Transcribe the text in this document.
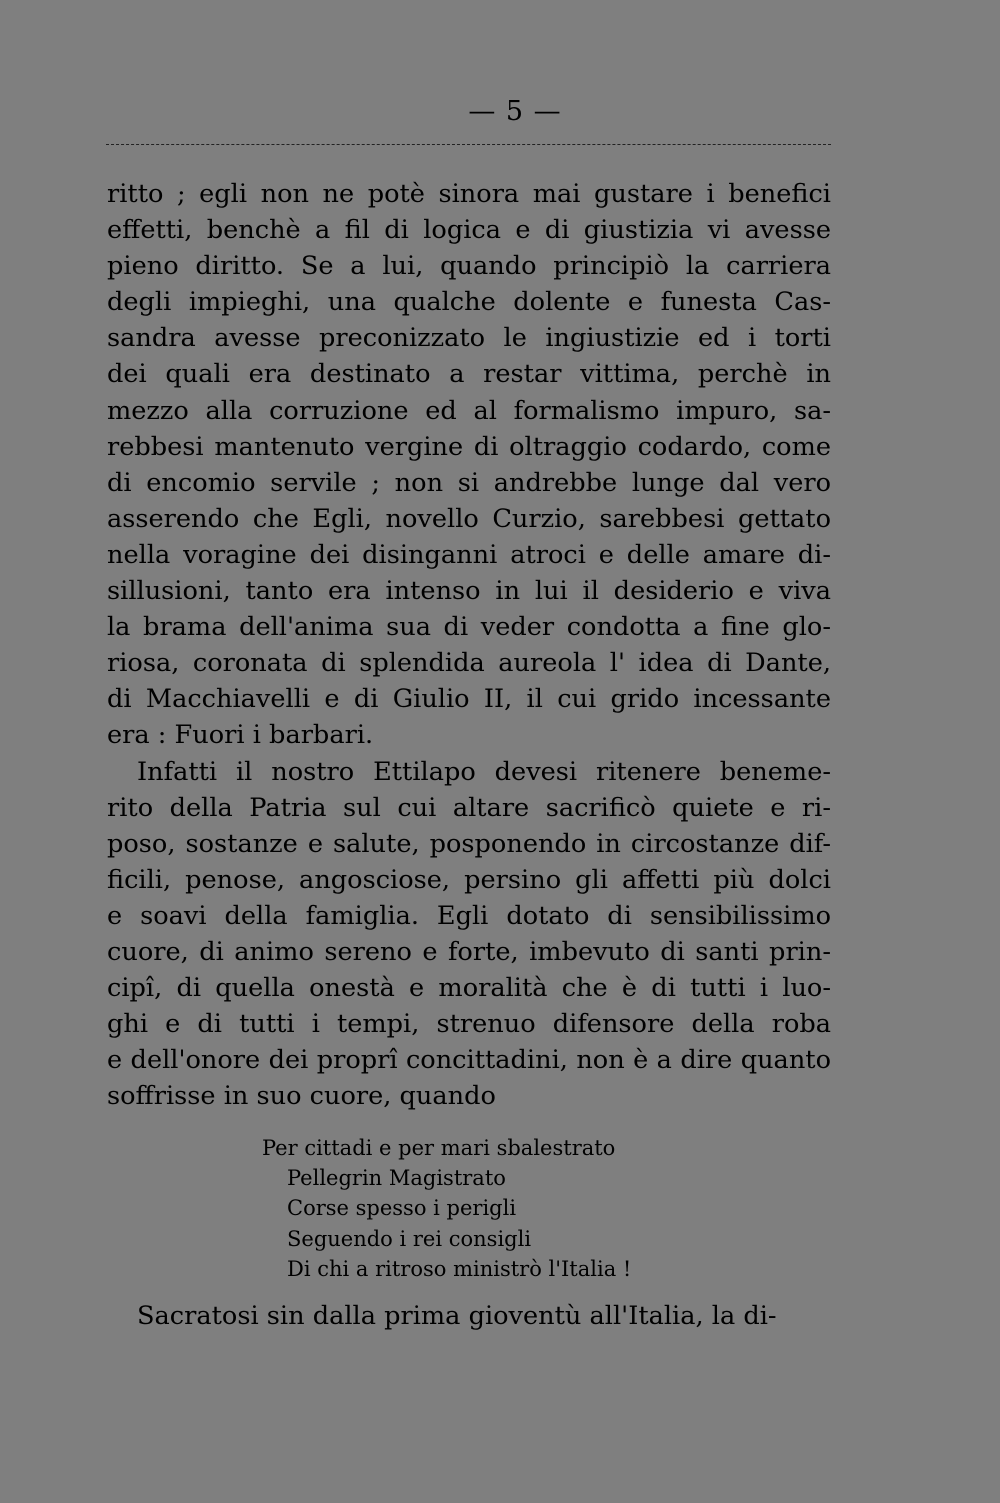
— 5 —
ritto ; egli non ne potè sinora mai gustare i benefici
effetti, benchè a fil di logica e di giustizia vi avesse
pieno diritto. Se a lui, quando principiò la carriera
degli impieghi, una qualche dolente e funesta Cas-
sandra avesse preconizzato le ingiustizie ed i torti
dei quali era destinato a restar vittima, perchè in
mezzo alla corruzione ed al formalismo impuro, sa-
rebbesi mantenuto vergine di oltraggio codardo, come
di encomio servile ; non si andrebbe lunge dal vero
asserendo che Egli, novello Curzio, sarebbesi gettato
nella voragine dei disinganni atroci e delle amare di-
sillusioni, tanto era intenso in lui il desiderio e viva
la brama dell'anima sua di veder condotta a fine glo-
riosa, coronata di splendida aureola l' idea di Dante,
di Macchiavelli e di Giulio II, il cui grido incessante
era : Fuori i barbari.
Infatti il nostro Ettilapo devesi ritenere beneme-
rito della Patria sul cui altare sacrificò quiete e ri-
poso, sostanze e salute, posponendo in circostanze dif-
ficili, penose, angosciose, persino gli affetti più dolci
e soavi della famiglia. Egli dotato di sensibilissimo
cuore, di animo sereno e forte, imbevuto di santi prin-
cipî, di quella onestà e moralità che è di tutti i luo-
ghi e di tutti i tempi, strenuo difensore della roba
e dell'onore dei proprî concittadini, non è a dire quanto
soffrisse in suo cuore, quando
Per cittadi e per mari sbalestrato
Pellegrin Magistrato
Corse spesso i perigli
Seguendo i rei consigli
Di chi a ritroso ministrò l'Italia !
Sacratosi sin dalla prima gioventù all'Italia, la di-
